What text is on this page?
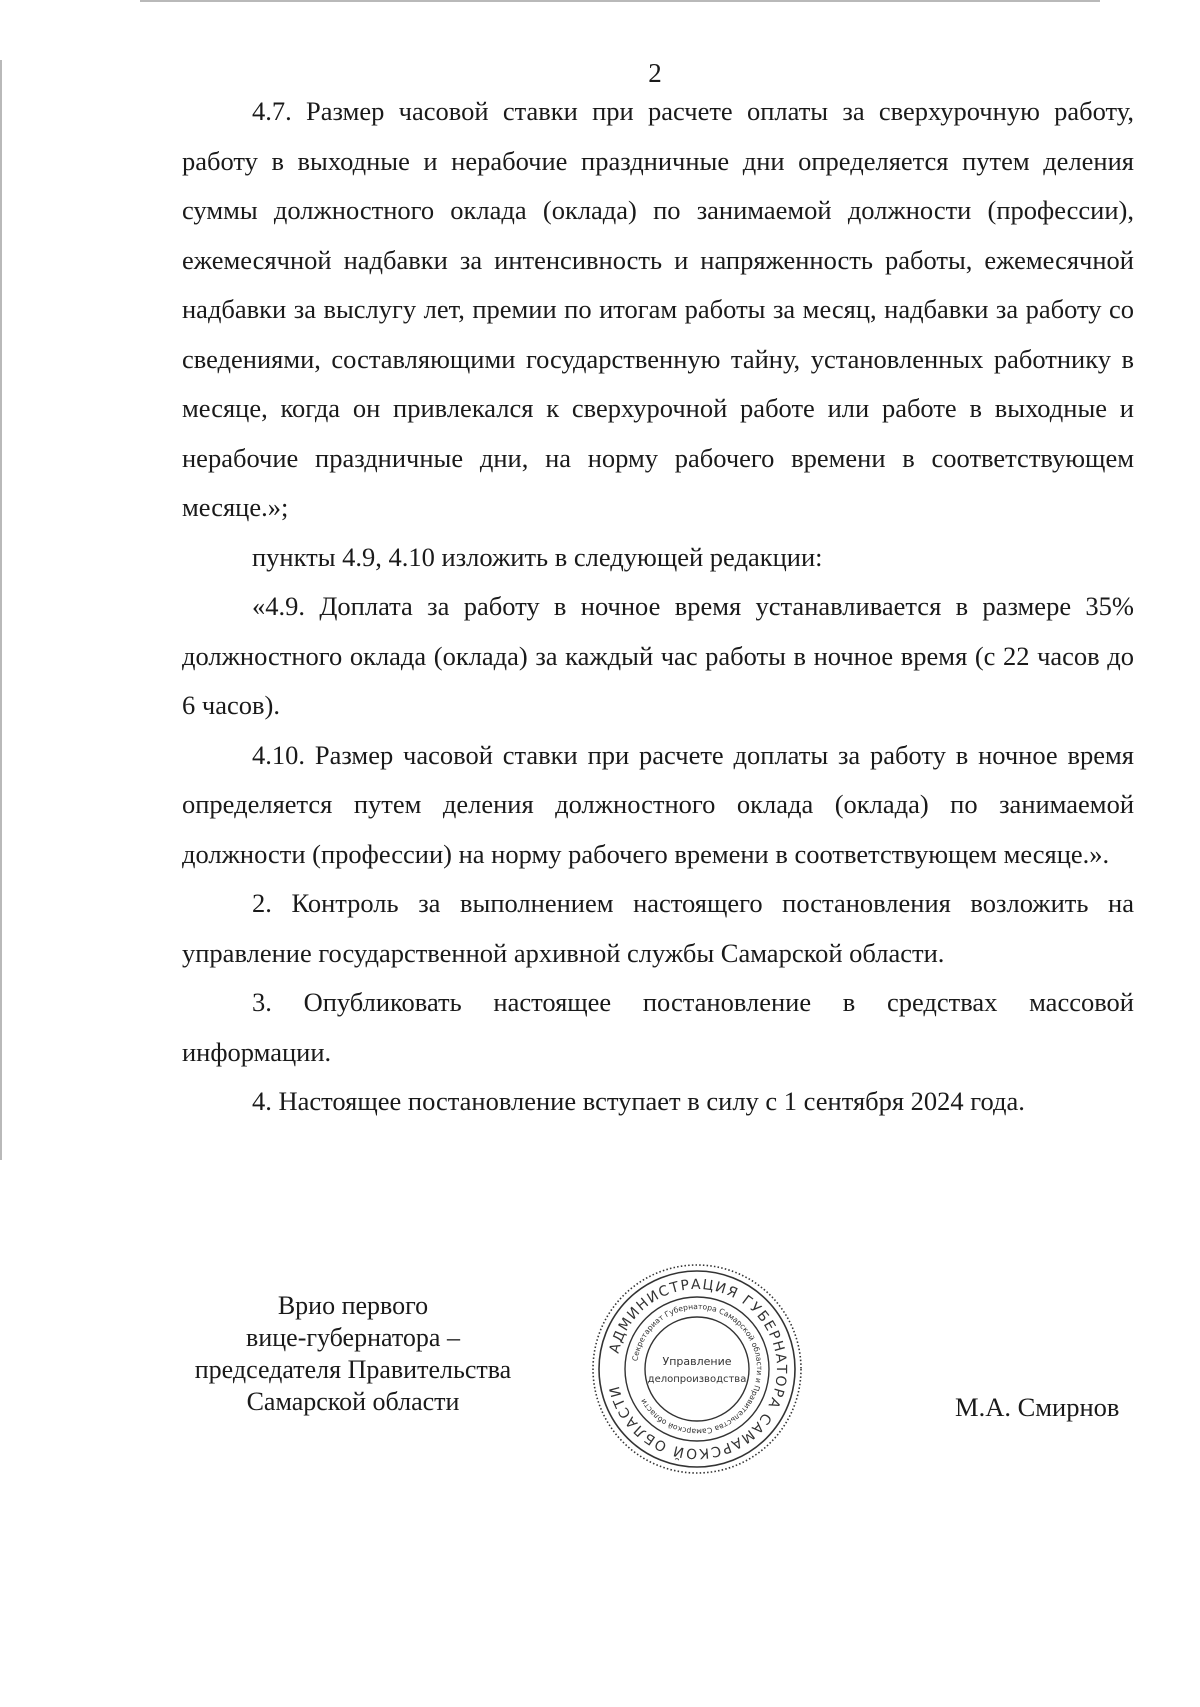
2

4.7. Размер часовой ставки при расчете оплаты за сверхурочную работу, работу в выходные и нерабочие праздничные дни определяется путем деления суммы должностного оклада (оклада) по занимаемой должности (профессии), ежемесячной надбавки за интенсивность и напряженность работы, ежемесячной надбавки за выслугу лет, премии по итогам работы за месяц, надбавки за работу со сведениями, составляющими государственную тайну, установленных работнику в месяце, когда он привлекался к сверхурочной работе или работе в выходные и нерабочие праздничные дни, на норму рабочего времени в соответствующем месяце.»;

пункты 4.9, 4.10 изложить в следующей редакции:

«4.9. Доплата за работу в ночное время устанавливается в размере 35% должностного оклада (оклада) за каждый час работы в ночное время (с 22 часов до 6 часов).

4.10. Размер часовой ставки при расчете доплаты за работу в ночное время определяется путем деления должностного оклада (оклада) по занимаемой должности (профессии) на норму рабочего времени в соответствующем месяце.».

2. Контроль за выполнением настоящего постановления возложить на управление государственной архивной службы Самарской области.

3. Опубликовать настоящее постановление в средствах массовой информации.

4. Настоящее постановление вступает в силу с 1 сентября 2024 года.

Врио первого
вице-губернатора –
председателя Правительства
Самарской области
АДМИНИСТРАЦИЯ ГУБЕРНАТОРА САМАРСКОЙ ОБЛАСТИ
Секретариат Губернатора Самарской области и Правительства Самарской области
Управление
делопроизводства
М.А. Смирнов
